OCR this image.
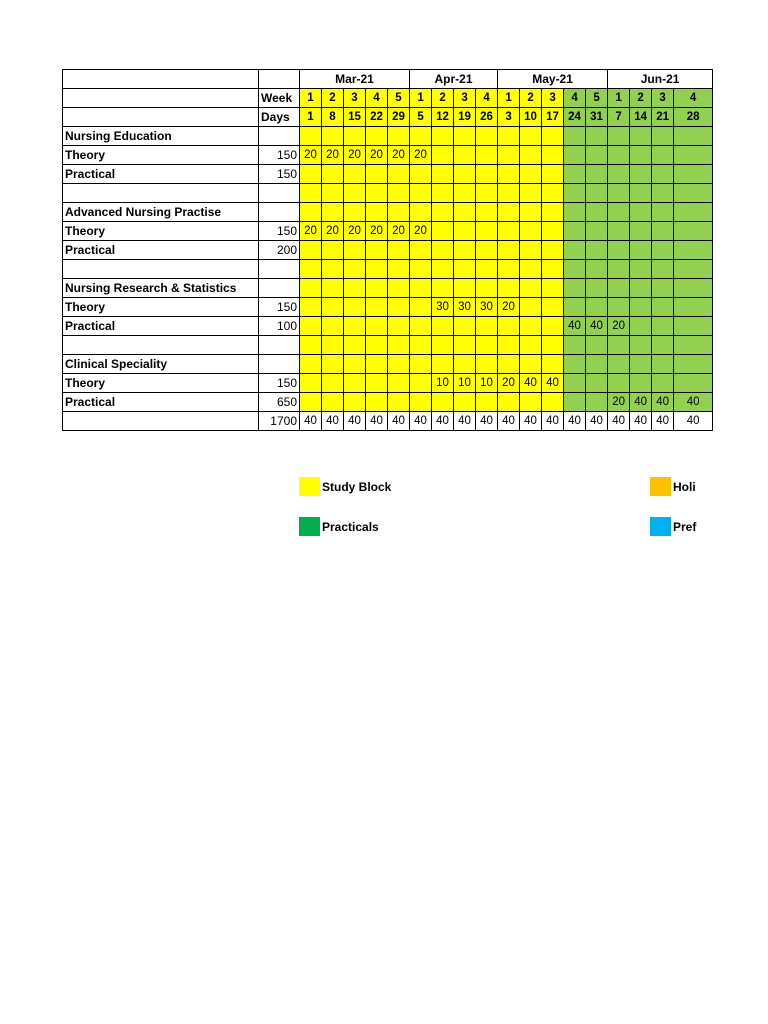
		Mar-21					Apr-21				May-21					Jun-21			
	Week	1	2	3	4	5	1	2	3	4	1	2	3	4	5	1	2	3	4
	Days	1	8	15	22	29	5	12	19	26	3	10	17	24	31	7	14	21	28
Nursing Education																			
Theory	150	20	20	20	20	20	20												
Practical	150																		

Advanced Nursing Practise																			
Theory	150	20	20	20	20	20	20												
Practical	200																		

Nursing Research & Statistics																			
Theory	150							30	30	30	20								
Practical	100													40	40	20			

Clinical Speciality																			
Theory	150							10	10	10	20	40	40						
Practical	650															20	40	40	40
	1700	40	40	40	40	40	40	40	40	40	40	40	40	40	40	40	40	40	40
Study Block
Practicals
Holi
Pref
